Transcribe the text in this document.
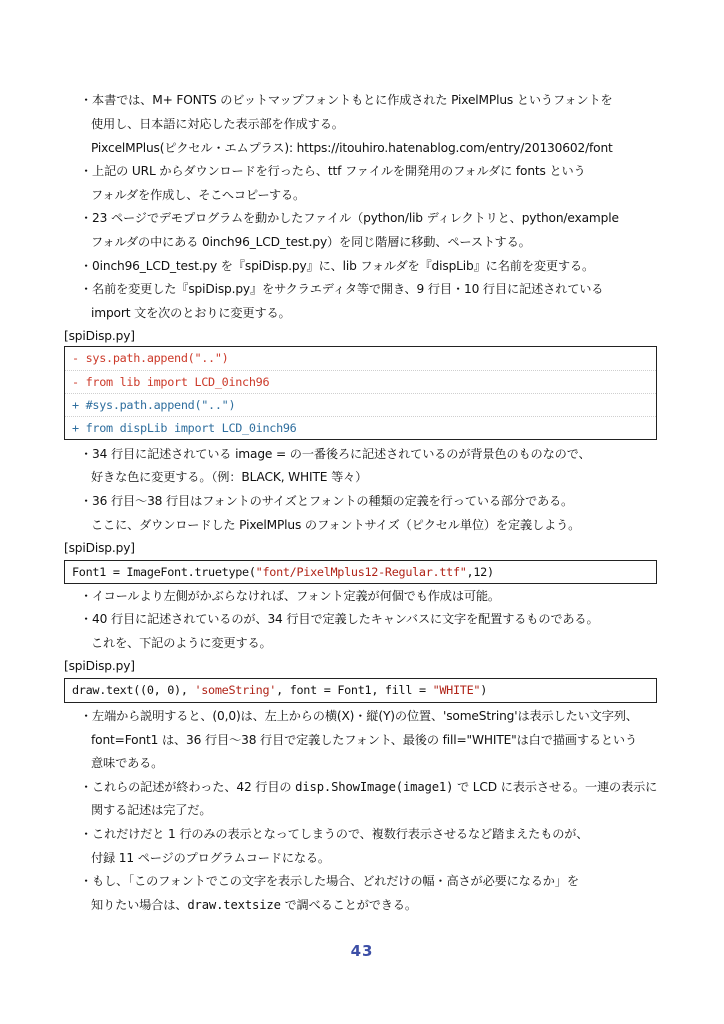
・本書では、M+ FONTS のビットマップフォントもとに作成された PixelMPlus というフォントを
使用し、日本語に対応した表示部を作成する。
PixcelMPlus(ピクセル・エムプラス): https://itouhiro.hatenablog.com/entry/20130602/font
・上記の URL からダウンロードを行ったら、ttf ファイルを開発用のフォルダに fonts という
フォルダを作成し、そこへコピーする。
・23 ページでデモプログラムを動かしたファイル（python/lib ディレクトリと、python/example
フォルダの中にある 0inch96_LCD_test.py）を同じ階層に移動、ペーストする。
・0inch96_LCD_test.py を『spiDisp.py』に、lib フォルダを『dispLib』に名前を変更する。
・名前を変更した『spiDisp.py』をサクラエディタ等で開き、9 行目・10 行目に記述されている
import 文を次のとおりに変更する。
[spiDisp.py]
- sys.path.append("..")
- from lib import LCD_0inch96
+ #sys.path.append("..")
+ from dispLib import LCD_0inch96
・34 行目に記述されている image = の一番後ろに記述されているのが背景色のものなので、
好きな色に変更する。（例：BLACK, WHITE 等々）
・36 行目～38 行目はフォントのサイズとフォントの種類の定義を行っている部分である。
ここに、ダウンロードした PixelMPlus のフォントサイズ（ピクセル単位）を定義しよう。
[spiDisp.py]
Font1 = ImageFont.truetype("font/PixelMplus12-Regular.ttf",12)
・イコールより左側がかぶらなければ、フォント定義が何個でも作成は可能。
・40 行目に記述されているのが、34 行目で定義したキャンバスに文字を配置するものである。
これを、下記のように変更する。
[spiDisp.py]
draw.text((0, 0), 'someString', font = Font1, fill = "WHITE")
・左端から説明すると、(0,0)は、左上からの横(X)・縦(Y)の位置、'someString'は表示したい文字列、
font=Font1 は、36 行目～38 行目で定義したフォント、最後の fill="WHITE"は白で描画するという
意味である。
・これらの記述が終わった、42 行目の disp.ShowImage(image1) で LCD に表示させる。一連の表示に
関する記述は完了だ。
・これだけだと 1 行のみの表示となってしまうので、複数行表示させるなど踏まえたものが、
付録 11 ページのプログラムコードになる。
・もし、「このフォントでこの文字を表示した場合、どれだけの幅・高さが必要になるか」を
知りたい場合は、draw.textsize で調べることができる。
43
